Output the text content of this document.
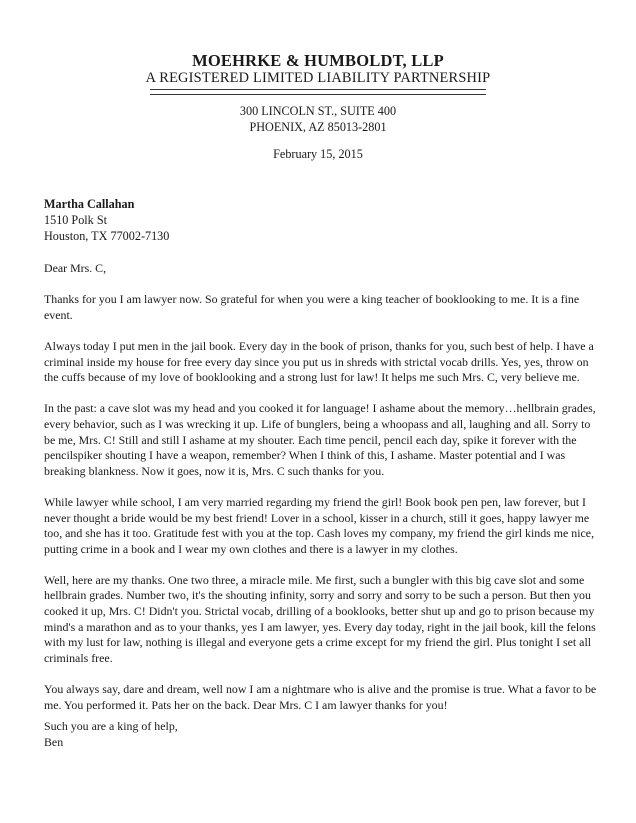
MOEHRKE & HUMBOLDT, LLP
A REGISTERED LIMITED LIABILITY PARTNERSHIP
300 LINCOLN ST., SUITE 400
PHOENIX, AZ 85013-2801
February 15, 2015
Martha Callahan
1510 Polk St
Houston, TX 77002-7130

Dear Mrs. C,

Thanks for you I am lawyer now. So grateful for when you were a king teacher of booklooking to me. It is a fine event.

Always today I put men in the jail book. Every day in the book of prison, thanks for you, such best of help. I have a criminal inside my house for free every day since you put us in shreds with strictal vocab drills. Yes, yes, throw on the cuffs because of my love of booklooking and a strong lust for law! It helps me such Mrs. C, very believe me.

In the past: a cave slot was my head and you cooked it for language! I ashame about the memory…hellbrain grades, every behavior, such as I was wrecking it up. Life of bunglers, being a whoopass and all, laughing and all. Sorry to be me, Mrs. C! Still and still I ashame at my shouter. Each time pencil, pencil each day, spike it forever with the pencilspiker shouting I have a weapon, remember? When I think of this, I ashame. Master potential and I was breaking blankness. Now it goes, now it is, Mrs. C such thanks for you.

While lawyer while school, I am very married regarding my friend the girl! Book book pen pen, law forever, but I never thought a bride would be my best friend! Lover in a school, kisser in a church, still it goes, happy lawyer me too, and she has it too. Gratitude fest with you at the top. Cash loves my company, my friend the girl kinds me nice, putting crime in a book and I wear my own clothes and there is a lawyer in my clothes.

Well, here are my thanks. One two three, a miracle mile. Me first, such a bungler with this big cave slot and some hellbrain grades. Number two, it's the shouting infinity, sorry and sorry and sorry to be such a person. But then you cooked it up, Mrs. C! Didn't you. Strictal vocab, drilling of a booklooks, better shut up and go to prison because my mind's a marathon and as to your thanks, yes I am lawyer, yes. Every day today, right in the jail book, kill the felons with my lust for law, nothing is illegal and everyone gets a crime except for my friend the girl. Plus tonight I set all criminals free.

You always say, dare and dream, well now I am a nightmare who is alive and the promise is true. What a favor to be me. You performed it. Pats her on the back. Dear Mrs. C I am lawyer thanks for you!

Such you are a king of help,
Ben
